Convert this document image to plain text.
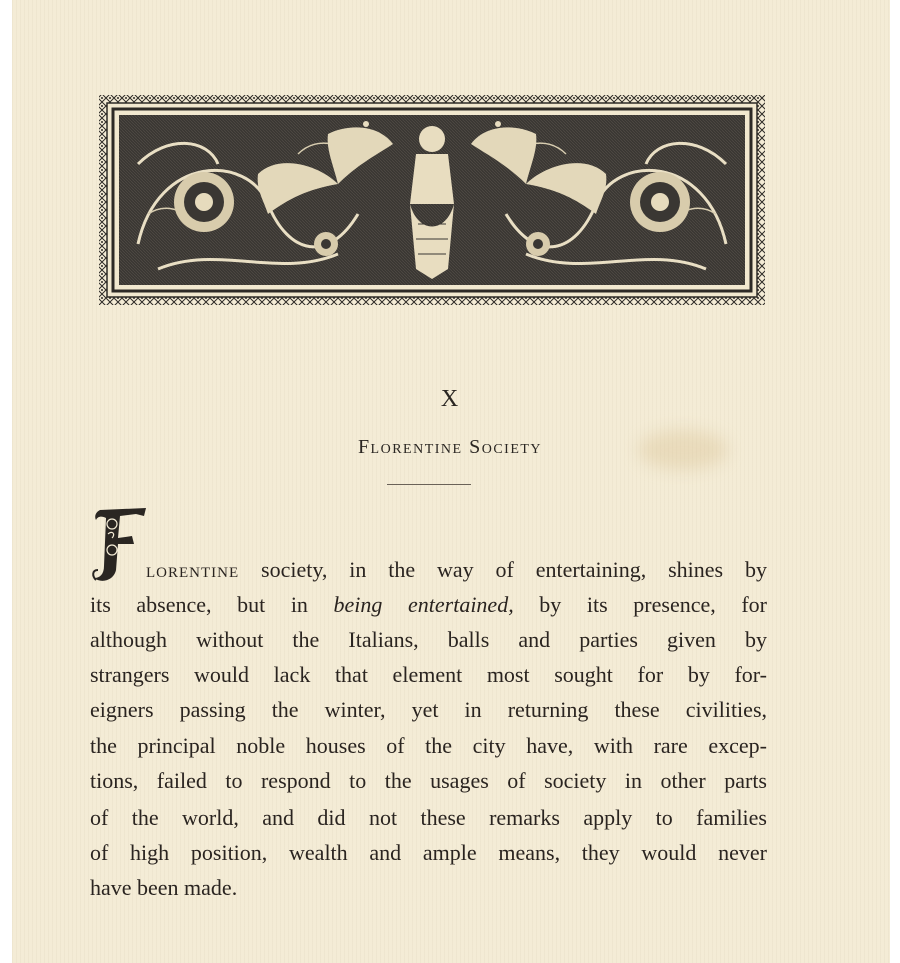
X
Florentine Society
lorentine society, in the way of entertaining, shines by
its absence, but in being entertained, by its presence, for
although without the Italians, balls and parties given by
strangers would lack that element most sought for by for-
eigners passing the winter, yet in returning these civilities,
the principal noble houses of the city have, with rare excep-
tions, failed to respond to the usages of society in other parts
of the world, and did not these remarks apply to families
of high position, wealth and ample means, they would never
have been made.
